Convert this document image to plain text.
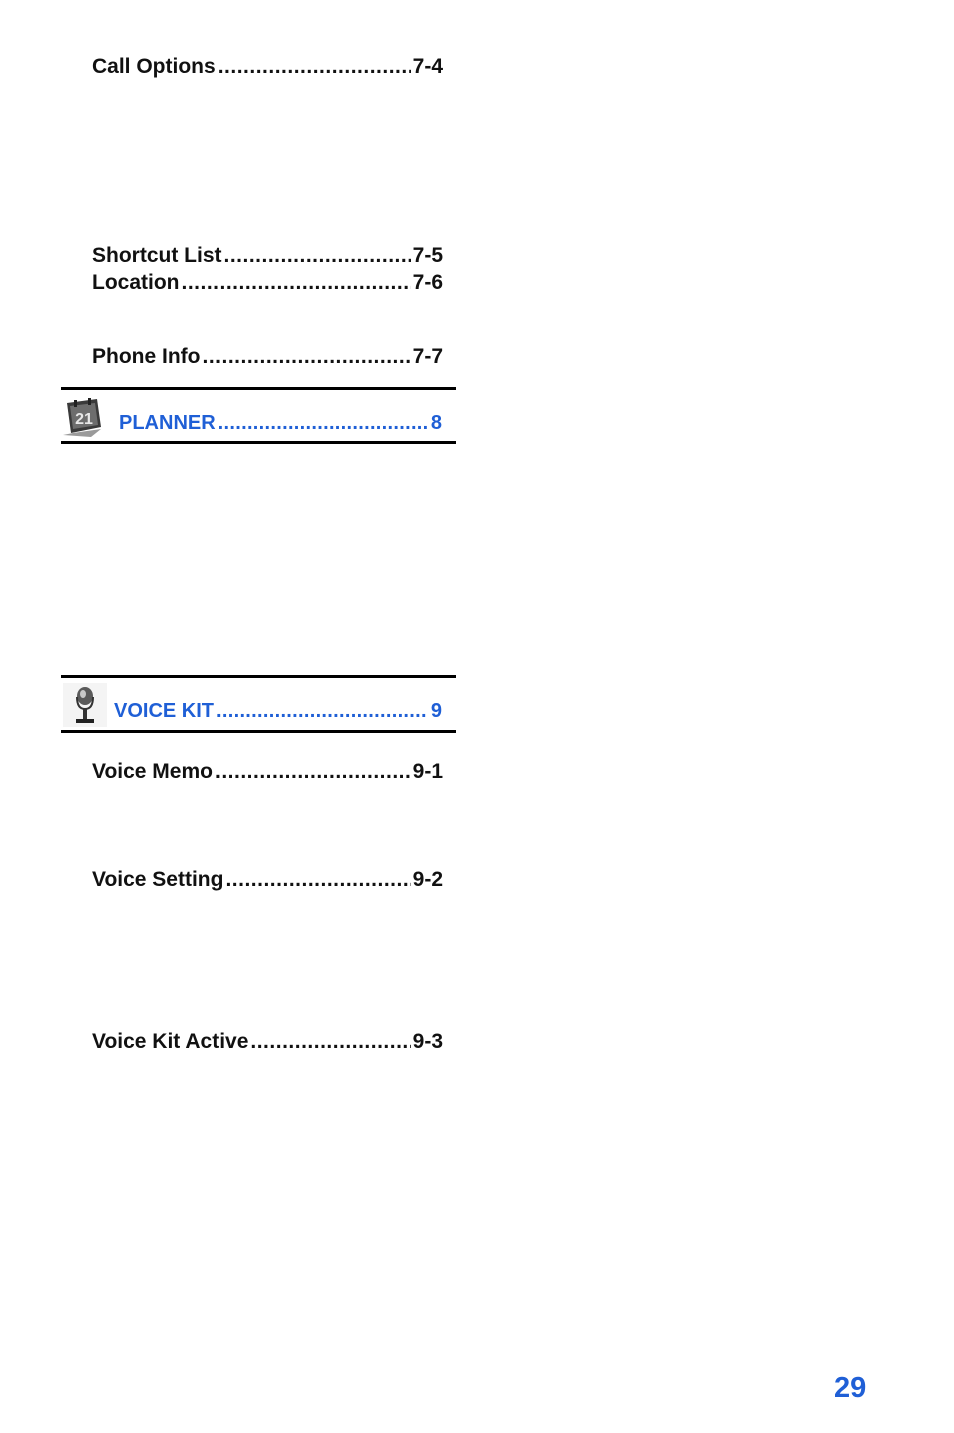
Call Options .....	7-4
Shortcut List .....	7-5
Location .....	7-6
Phone Info .....	7-7
21 PLANNER .....	8
VOICE KIT .....	9
Voice Memo .....	9-1
Voice Setting .....	9-2
Voice Kit Active .....	9-3
29
